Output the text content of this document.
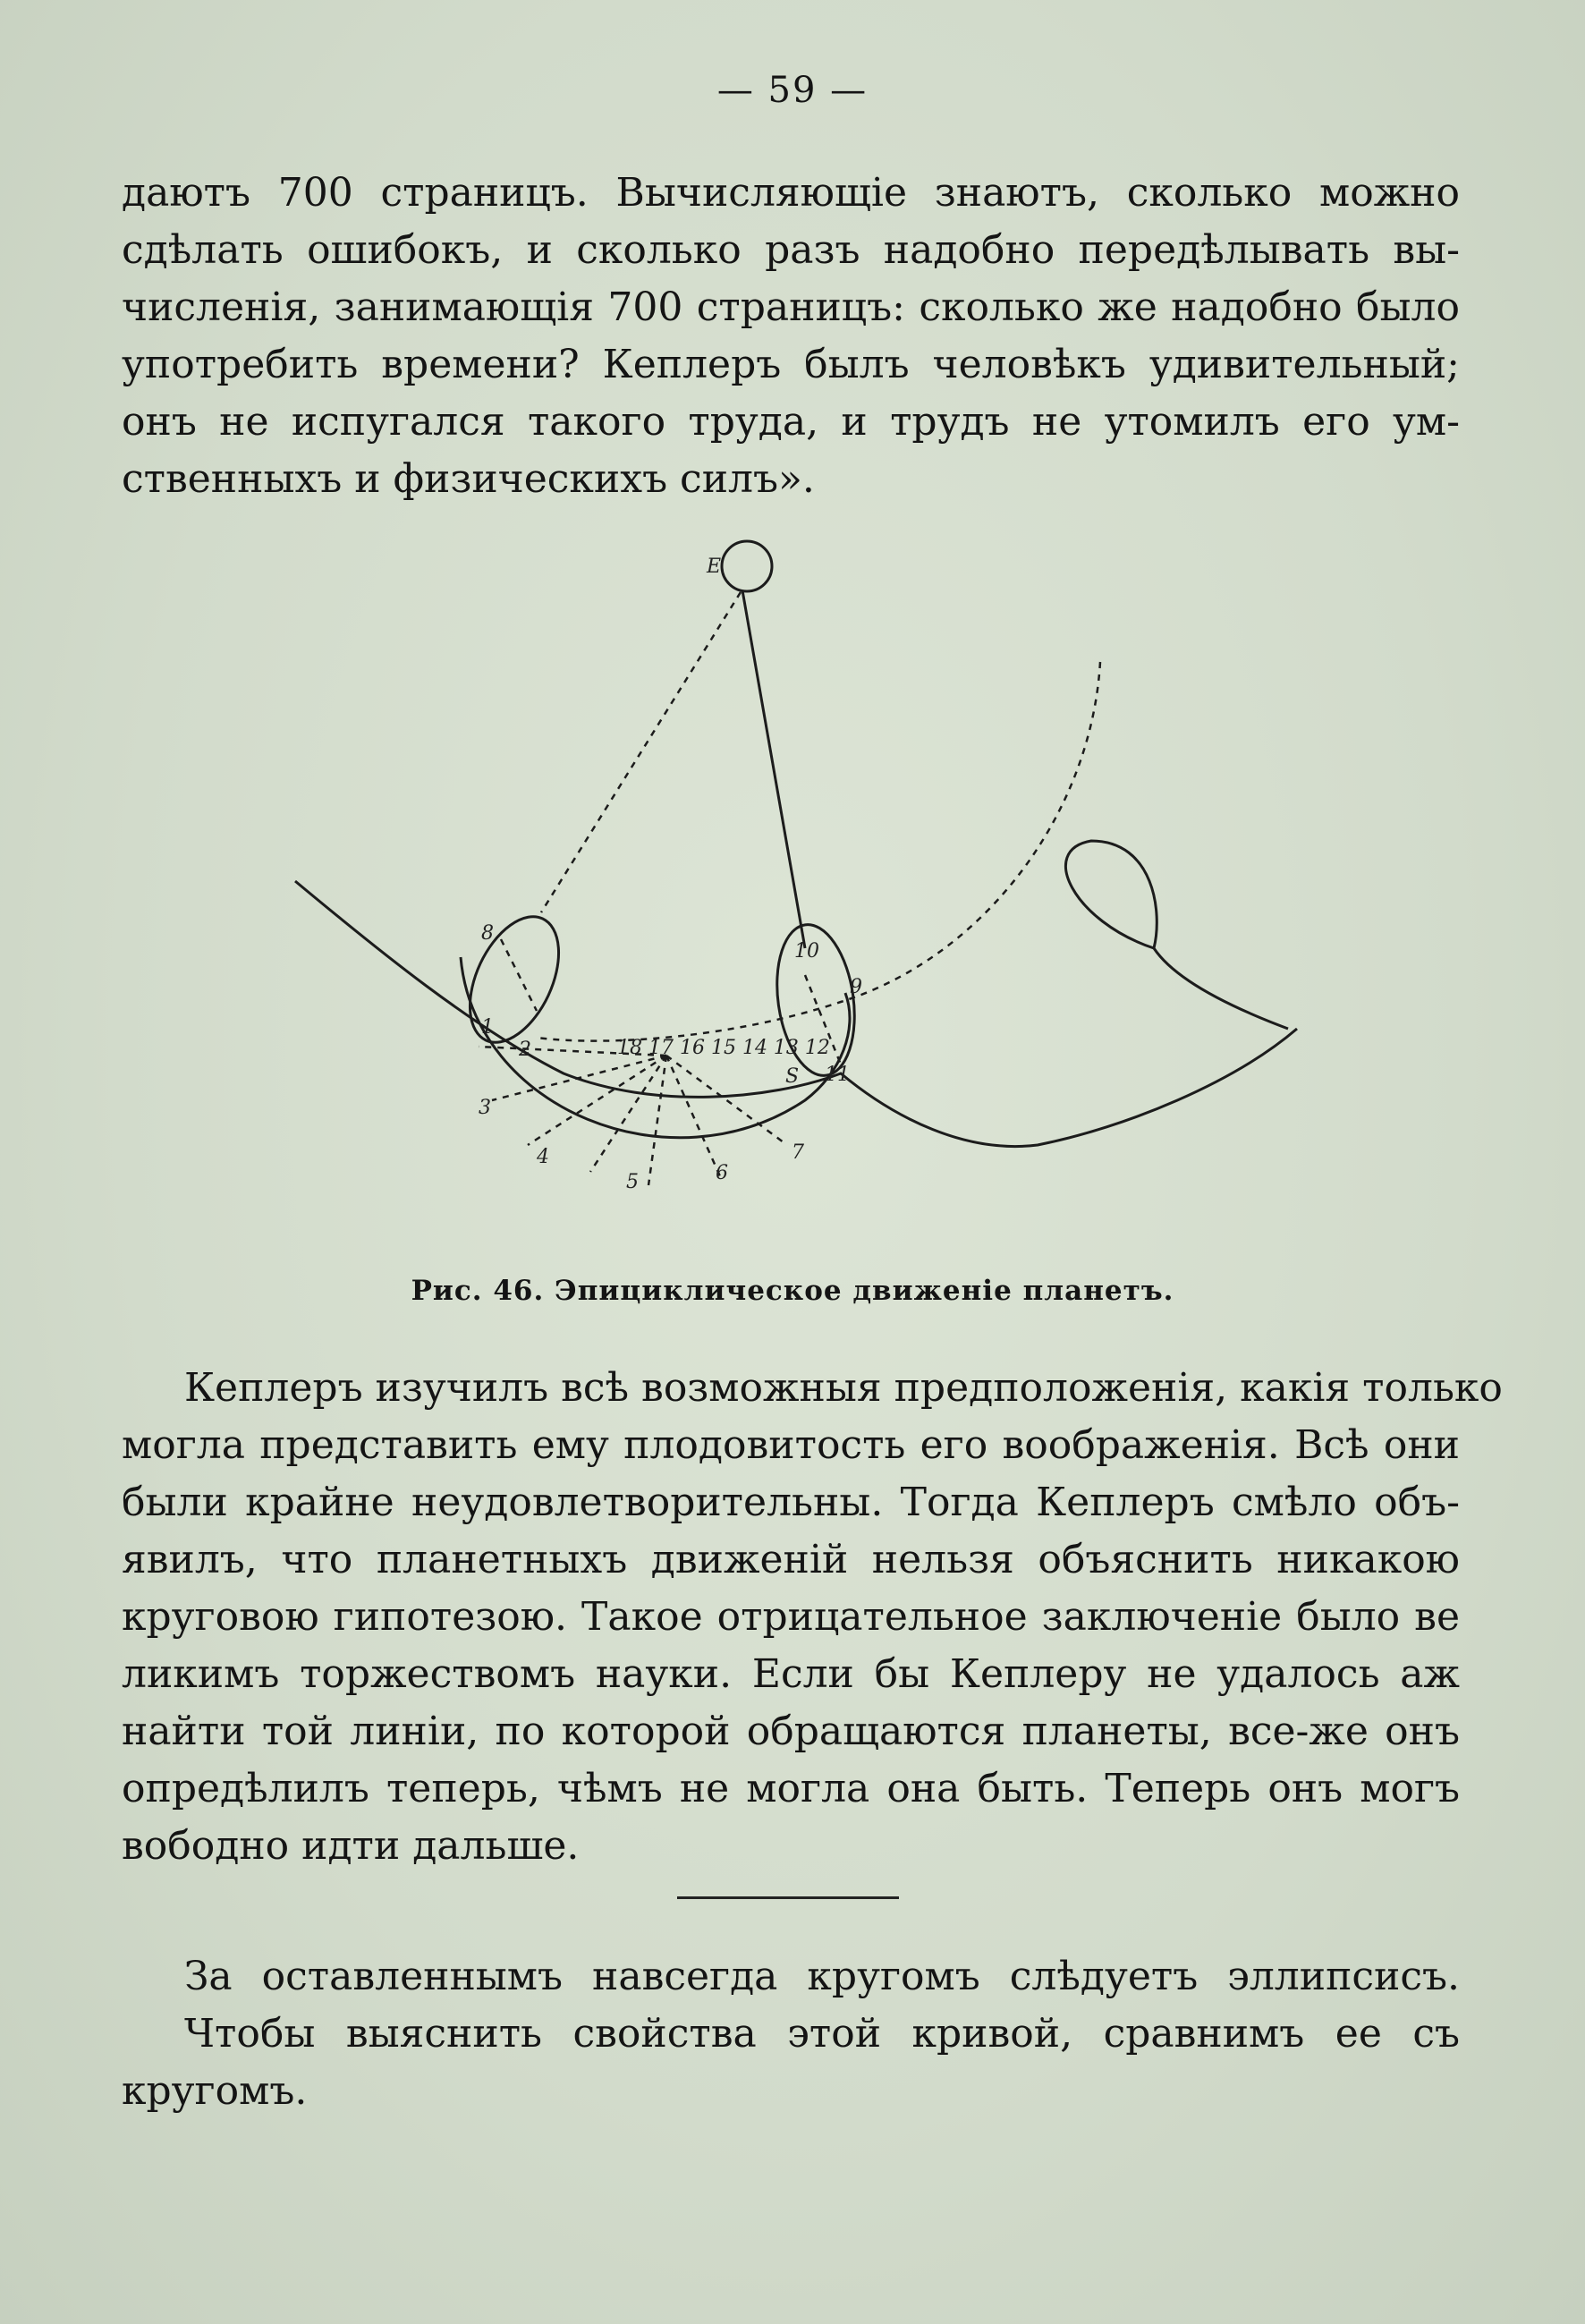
— 59 —
даютъ 700 страницъ. Вычисляющіе знаютъ, сколько можно
сдѣлать ошибокъ, и сколько разъ надобно передѣлывать вы-
численія, занимающія 700 страницъ: сколько же надобно было
употребить времени? Кеплеръ былъ человѣкъ удивительный;
онъ не испугался такого труда, и трудъ не утомилъ его ум-
ственныхъ и физическихъ силъ».
Е
S
18 17 16 15 14 13 12
8
10
9
1
2
11
3
4
5	6
7
Рис. 46. Эпициклическое движеніе планетъ.
Кеплеръ изучилъ всѣ возможныя предположенія, какія только
могла представить ему плодовитость его воображенія. Всѣ они
были крайне неудовлетворительны. Тогда Кеплеръ смѣло объ-
явилъ, что планетныхъ движеній нельзя объяснить никакою
круговою гипотезою. Такое отрицательное заключеніе было ве
ликимъ торжествомъ науки. Если бы Кеплеру не удалось аж
найти той линіи, по которой обращаются планеты, все-же онъ
опредѣлилъ теперь, чѣмъ не могла она быть. Теперь онъ могъ
вободно идти дальше.
За оставленнымъ навсегда кругомъ слѣдуетъ эллипсисъ.
Чтобы выяснить свойства этой кривой, сравнимъ ее съ
кругомъ.
